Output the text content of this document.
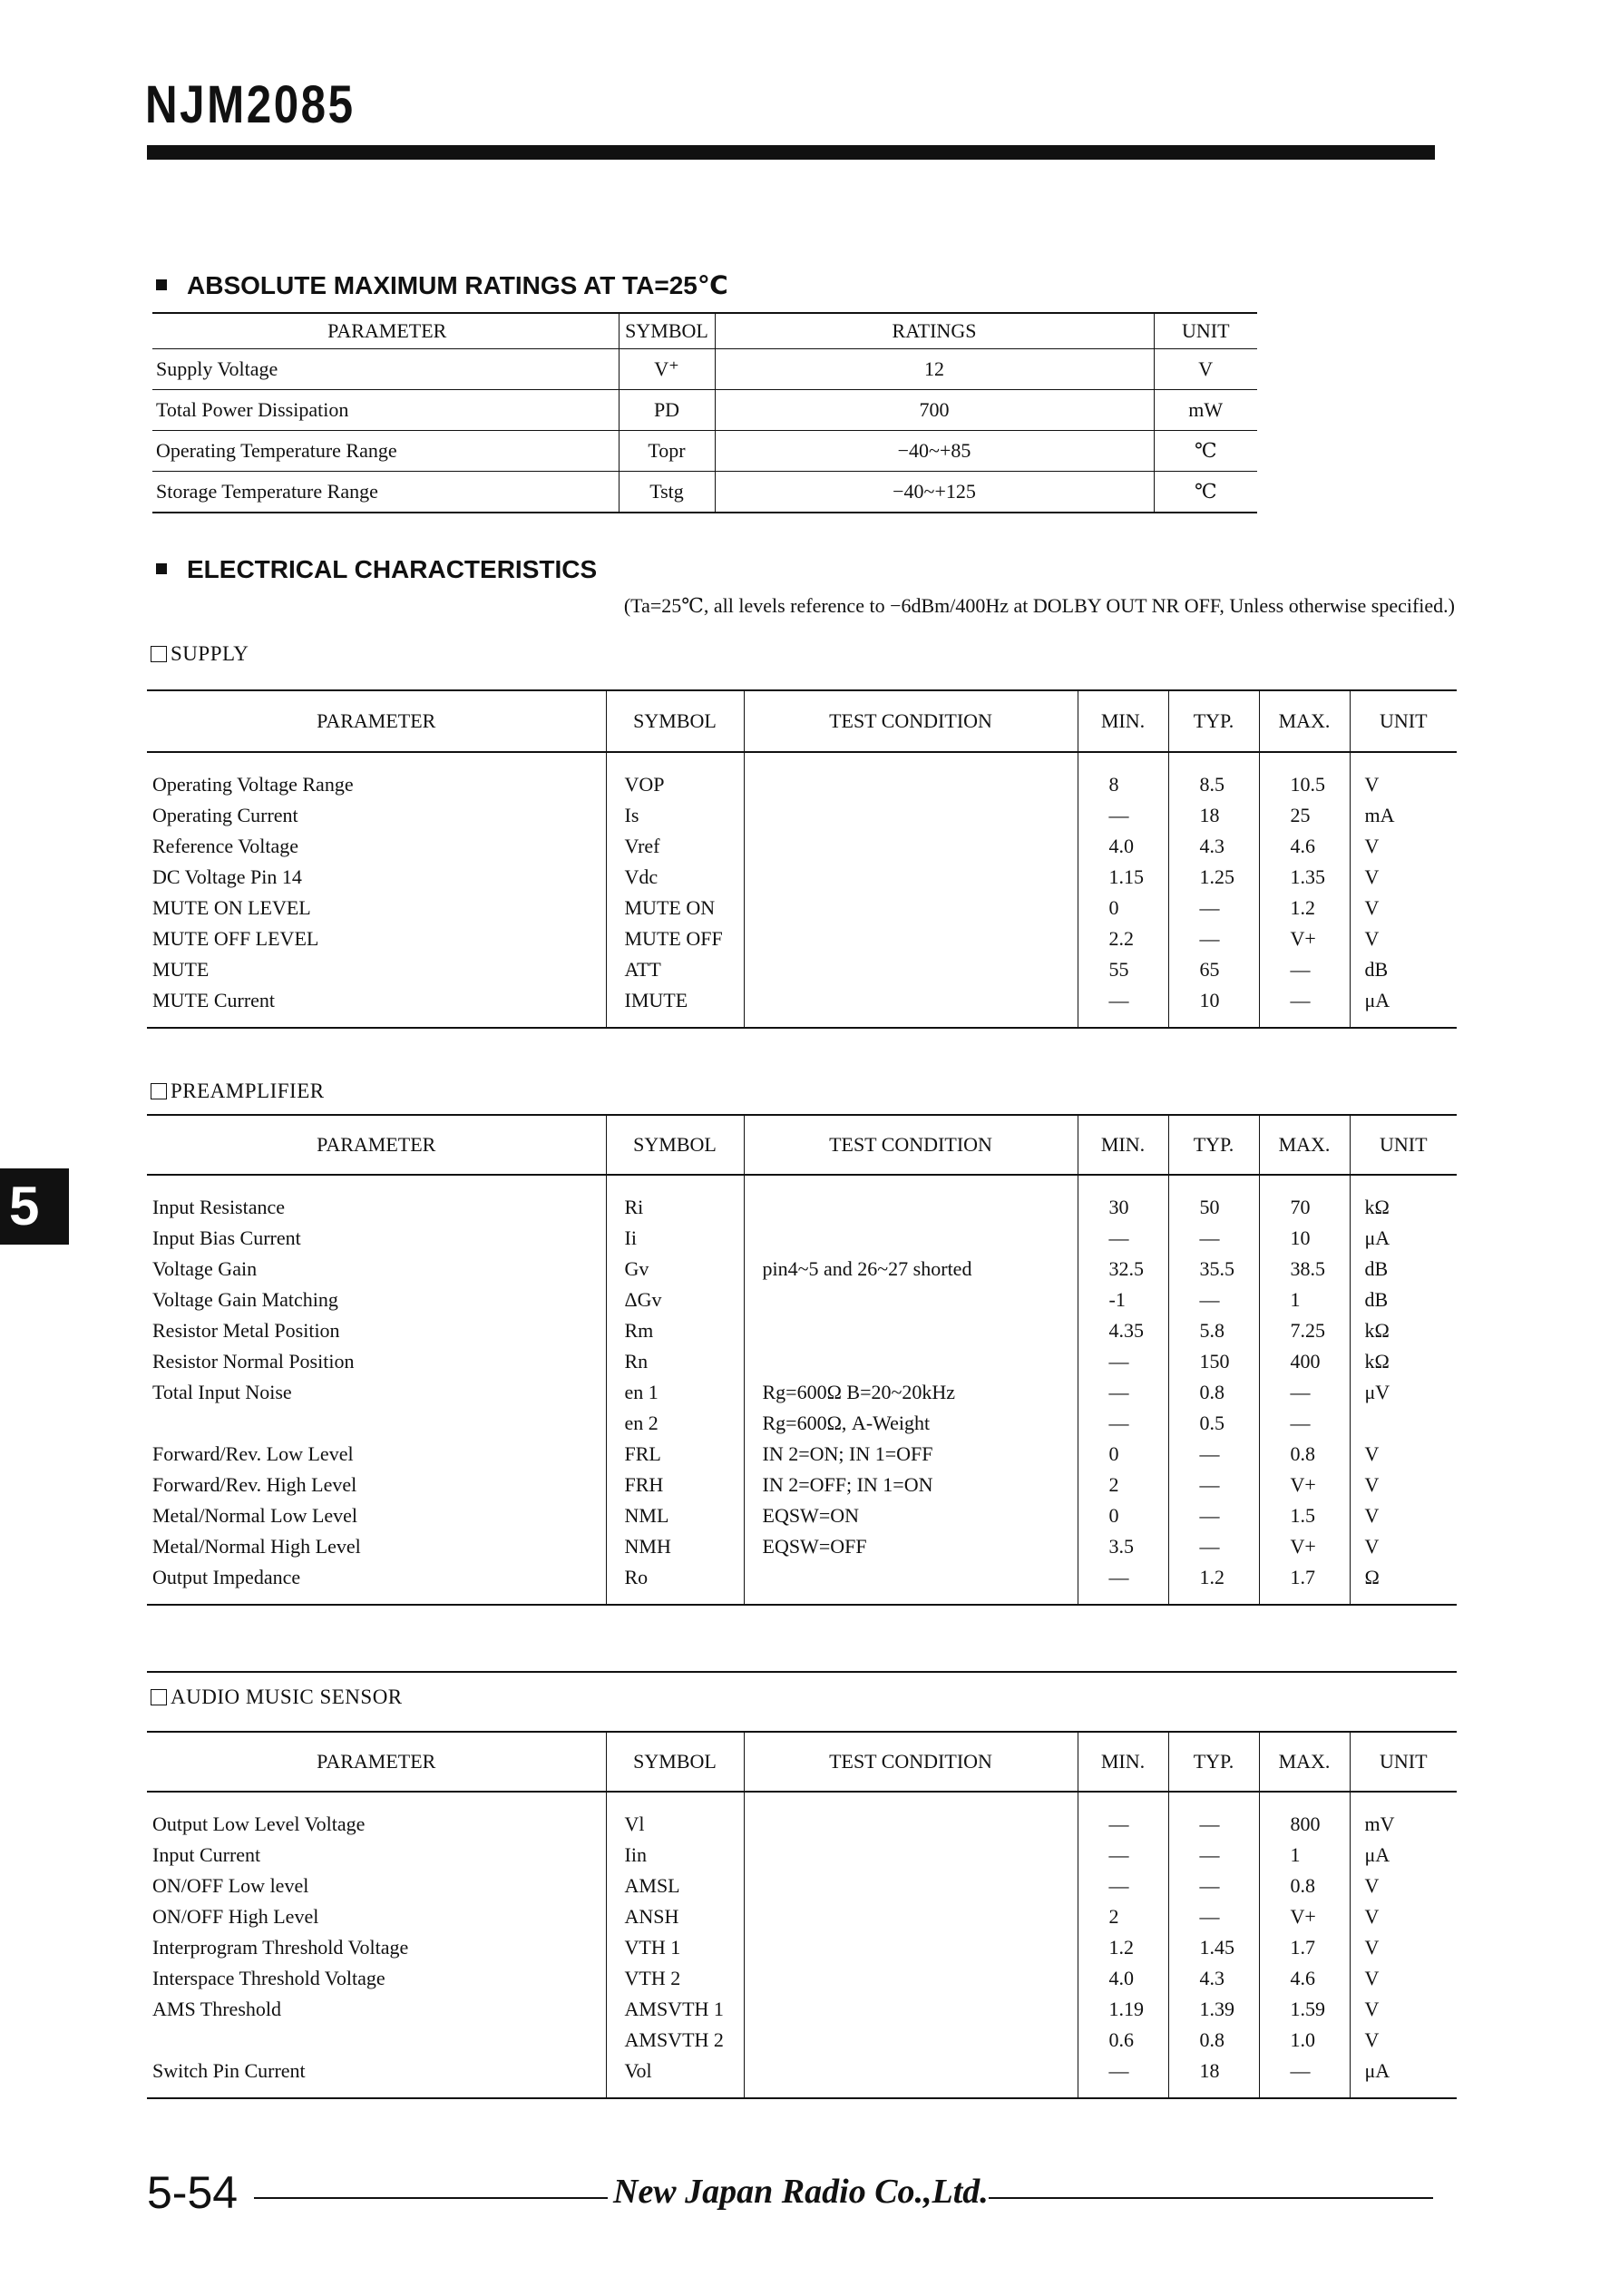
NJM2085
5
ABSOLUTE MAXIMUM RATINGS AT TA=25℃
PARAMETER	SYMBOL	RATINGS	UNIT
Supply Voltage	V⁺	12	V
Total Power Dissipation	PD	700	mW
Operating Temperature Range	Topr	−40~+85	℃
Storage Temperature Range	Tstg	−40~+125	℃
ELECTRICAL CHARACTERISTICS
(Ta=25℃, all levels reference to −6dBm/400Hz at DOLBY OUT NR OFF, Unless otherwise specified.)
SUPPLY
PARAMETER	SYMBOL	TEST CONDITION	MIN.	TYP.	MAX.	UNIT
Operating Voltage Range	VOP		8	8.5	10.5	V
Operating Current	Is		—	18	25	mA
Reference Voltage	Vref		4.0	4.3	4.6	V
DC Voltage Pin 14	Vdc		1.15	1.25	1.35	V
MUTE ON LEVEL	MUTE ON		0	—	1.2	V
MUTE OFF LEVEL	MUTE OFF		2.2	—	V+	V
MUTE	ATT		55	65	—	dB
MUTE Current	IMUTE		—	10	—	μA
PREAMPLIFIER
PARAMETER	SYMBOL	TEST CONDITION	MIN.	TYP.	MAX.	UNIT
Input Resistance	Ri		30	50	70	kΩ
Input Bias Current	Ii		—	—	10	μA
Voltage Gain	Gv	pin4~5 and 26~27 shorted	32.5	35.5	38.5	dB
Voltage Gain Matching	ΔGv		-1	—	1	dB
Resistor Metal Position	Rm		4.35	5.8	7.25	kΩ
Resistor Normal Position	Rn		—	150	400	kΩ
Total Input Noise	en 1	Rg=600Ω B=20~20kHz	—	0.8	—	μV
	en 2	Rg=600Ω, A-Weight	—	0.5	—	
Forward/Rev. Low Level	FRL	IN 2=ON; IN 1=OFF	0	—	0.8	V
Forward/Rev. High Level	FRH	IN 2=OFF; IN 1=ON	2	—	V+	V
Metal/Normal Low Level	NML	EQSW=ON	0	—	1.5	V
Metal/Normal High Level	NMH	EQSW=OFF	3.5	—	V+	V
Output Impedance	Ro		—	1.2	1.7	Ω
AUDIO MUSIC SENSOR
PARAMETER	SYMBOL	TEST CONDITION	MIN.	TYP.	MAX.	UNIT
Output Low Level Voltage	Vl		—	—	800	mV
Input Current	Iin		—	—	1	μA
ON/OFF Low level	AMSL		—	—	0.8	V
ON/OFF High Level	ANSH		2	—	V+	V
Interprogram Threshold Voltage	VTH 1		1.2	1.45	1.7	V
Interspace Threshold Voltage	VTH 2		4.0	4.3	4.6	V
AMS Threshold	AMSVTH 1		1.19	1.39	1.59	V
	AMSVTH 2		0.6	0.8	1.0	V
Switch Pin Current	Vol		—	18	—	μA
5-54	New Japan Radio Co.,Ltd.
